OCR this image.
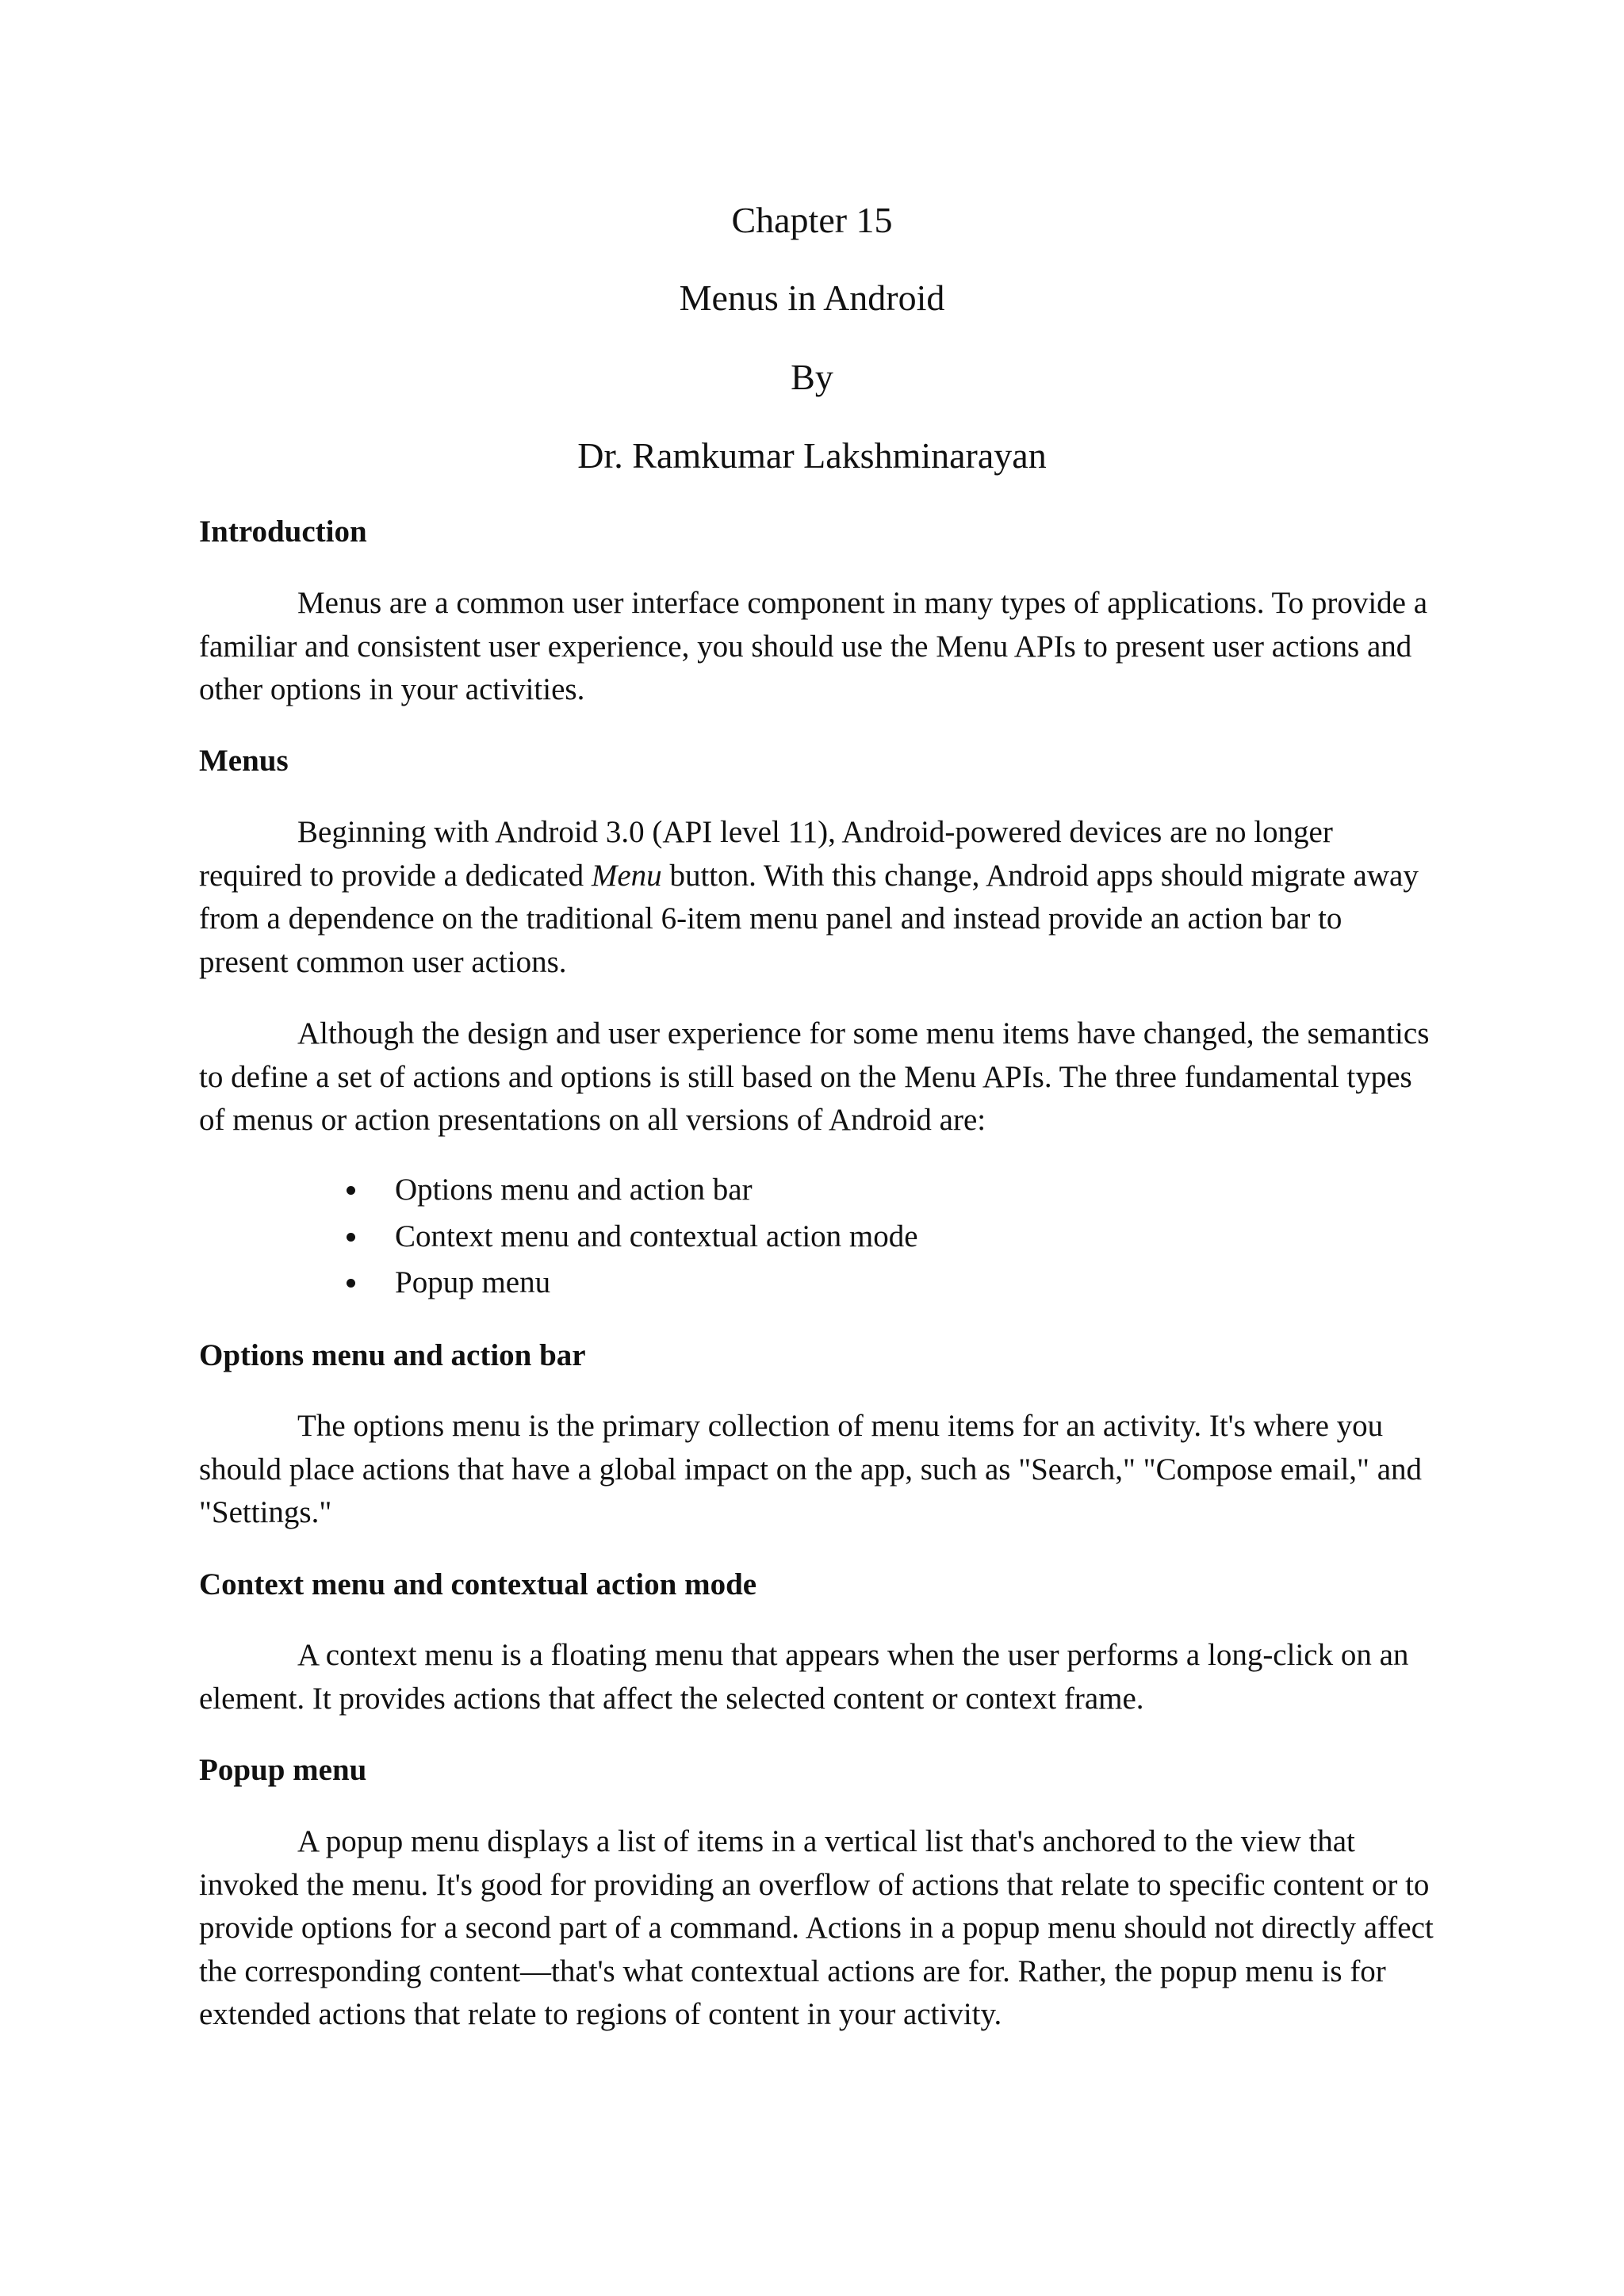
Chapter 15
Menus in Android
By
Dr. Ramkumar Lakshminarayan
Introduction

Menus are a common user interface component in many types of applications. To provide a familiar and consistent user experience, you should use the Menu APIs to present user actions and other options in your activities.

Menus

Beginning with Android 3.0 (API level 11), Android-powered devices are no longer required to provide a dedicated Menu button. With this change, Android apps should migrate away from a dependence on the traditional 6-item menu panel and instead provide an action bar to present common user actions.

Although the design and user experience for some menu items have changed, the semantics to define a set of actions and options is still based on the Menu APIs. The three fundamental types of menus or action presentations on all versions of Android are:

Options menu and action bar
Context menu and contextual action mode
Popup menu
Options menu and action bar

The options menu is the primary collection of menu items for an activity. It's where you should place actions that have a global impact on the app, such as "Search," "Compose email," and "Settings."

Context menu and contextual action mode

A context menu is a floating menu that appears when the user performs a long-click on an element. It provides actions that affect the selected content or context frame.

Popup menu

A popup menu displays a list of items in a vertical list that's anchored to the view that invoked the menu. It's good for providing an overflow of actions that relate to specific content or to provide options for a second part of a command. Actions in a popup menu should not directly affect the corresponding content—that's what contextual actions are for. Rather, the popup menu is for extended actions that relate to regions of content in your activity.
